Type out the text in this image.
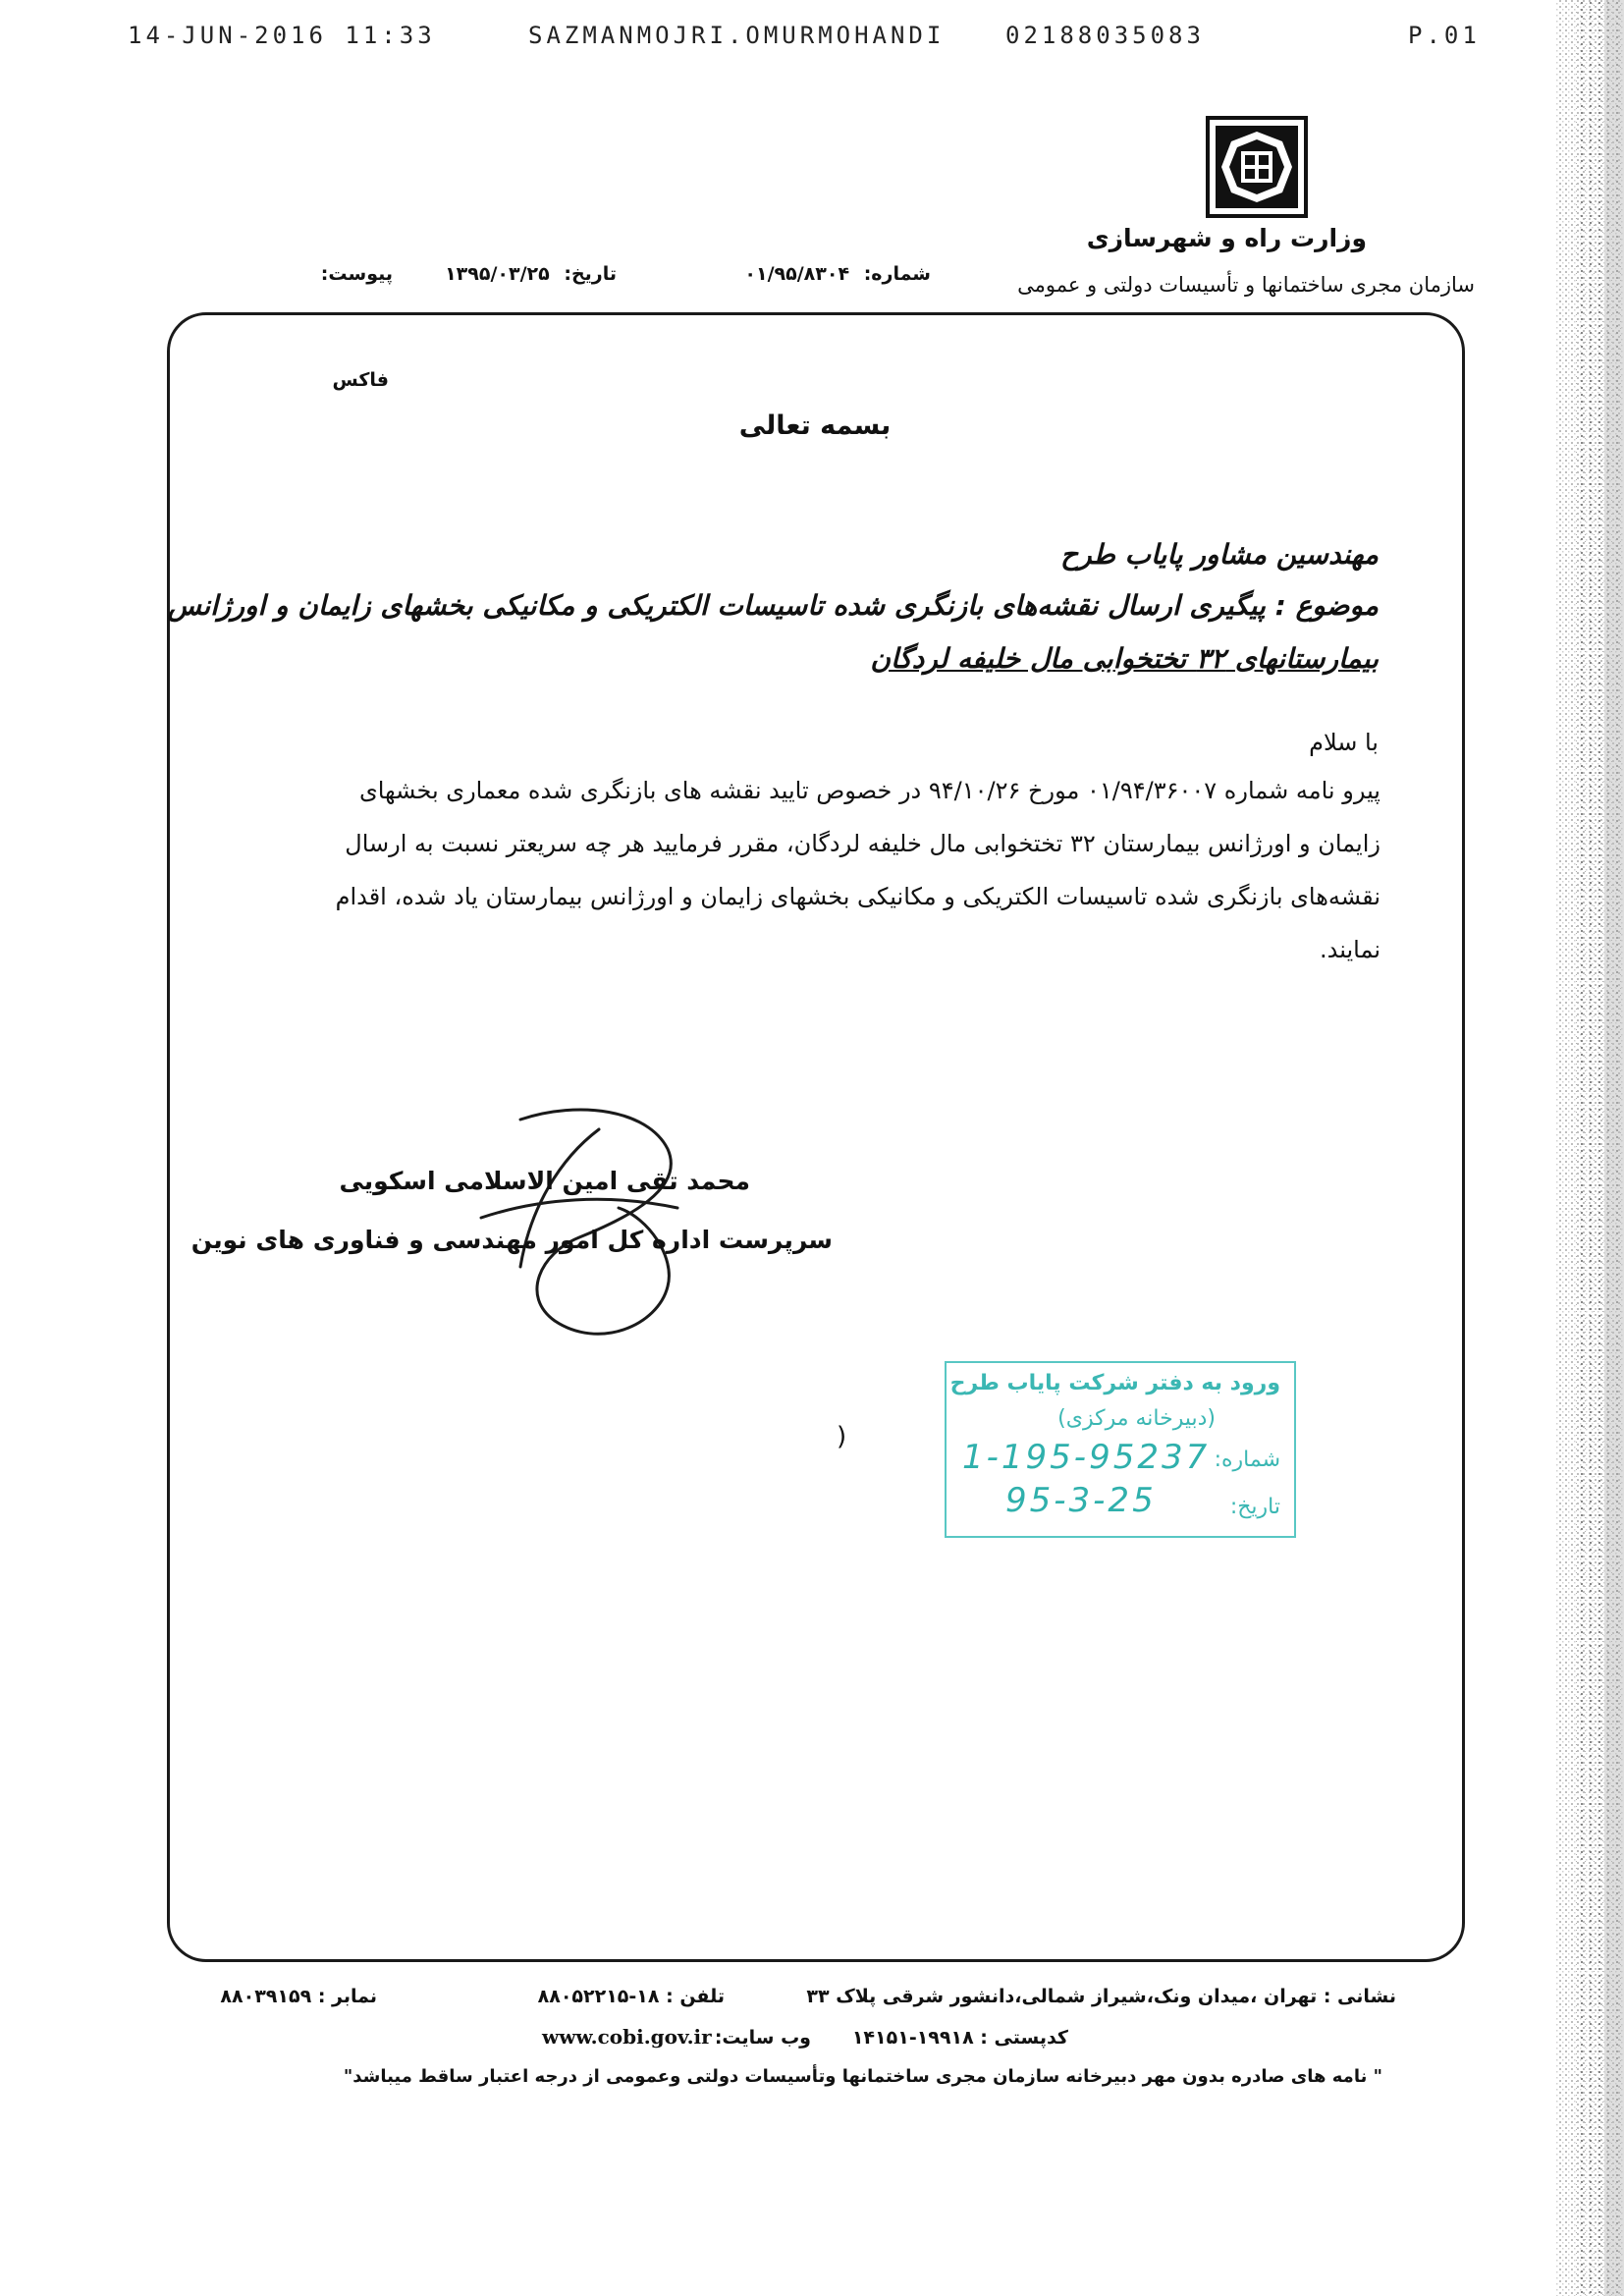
14-JUN-2016 11:33	SAZMANMOJRI.OMURMOHANDI	02188035083	P.01
وزارت راه و شهرسازی
سازمان مجری ساختمانها و تأسیسات دولتی و عمومی
شماره: ۰۱/۹۵/۸۳۰۴
تاریخ: ۱۳۹۵/۰۳/۲۵
پیوست:
فاکس
بسمه تعالی
مهندسین مشاور پایاب طرح
موضوع : پیگیری ارسال نقشه‌های بازنگری شده تاسیسات الکتریکی و مکانیکی بخشهای زایمان و اورژانس
بیمارستانهای ۳۲ تختخوابی مال خلیفه لردگان
با سلام
پیرو نامه شماره ۰۱/۹۴/۳۶۰۰۷ مورخ ۹۴/۱۰/۲۶ در خصوص تایید نقشه های بازنگری شده معماری بخشهای
زایمان و اورژانس بیمارستان ۳۲ تختخوابی مال خلیفه لردگان، مقرر فرمایید هر چه سریعتر نسبت به ارسال
نقشه‌های بازنگری شده تاسیسات الکتریکی و مکانیکی بخشهای زایمان و اورژانس بیمارستان یاد شده، اقدام
نمایند.
محمد تقی امین الاسلامی اسکویی
سرپرست اداره کل امور مهندسی و فناوری های نوین
ورود به دفتر شرکت پایاب طرح
(دبیرخانه مرکزی)
شماره:
1-195-95237
تاریخ:
95-3-25
)
نشانی : تهران ،میدان ونک،شیراز شمالی،دانشور شرقی پلاک ۳۳
تلفن : ۱۸-۸۸۰۵۲۲۱۵
نمابر : ۸۸۰۳۹۱۵۹
کدپستی : ۱۹۹۱۸-۱۴۱۵۱
وب سایت:
www.cobi.gov.ir
" نامه های صادره بدون مهر دبیرخانه سازمان مجری ساختمانها وتأسیسات دولتی وعمومی از درجه اعتبار ساقط میباشد"
